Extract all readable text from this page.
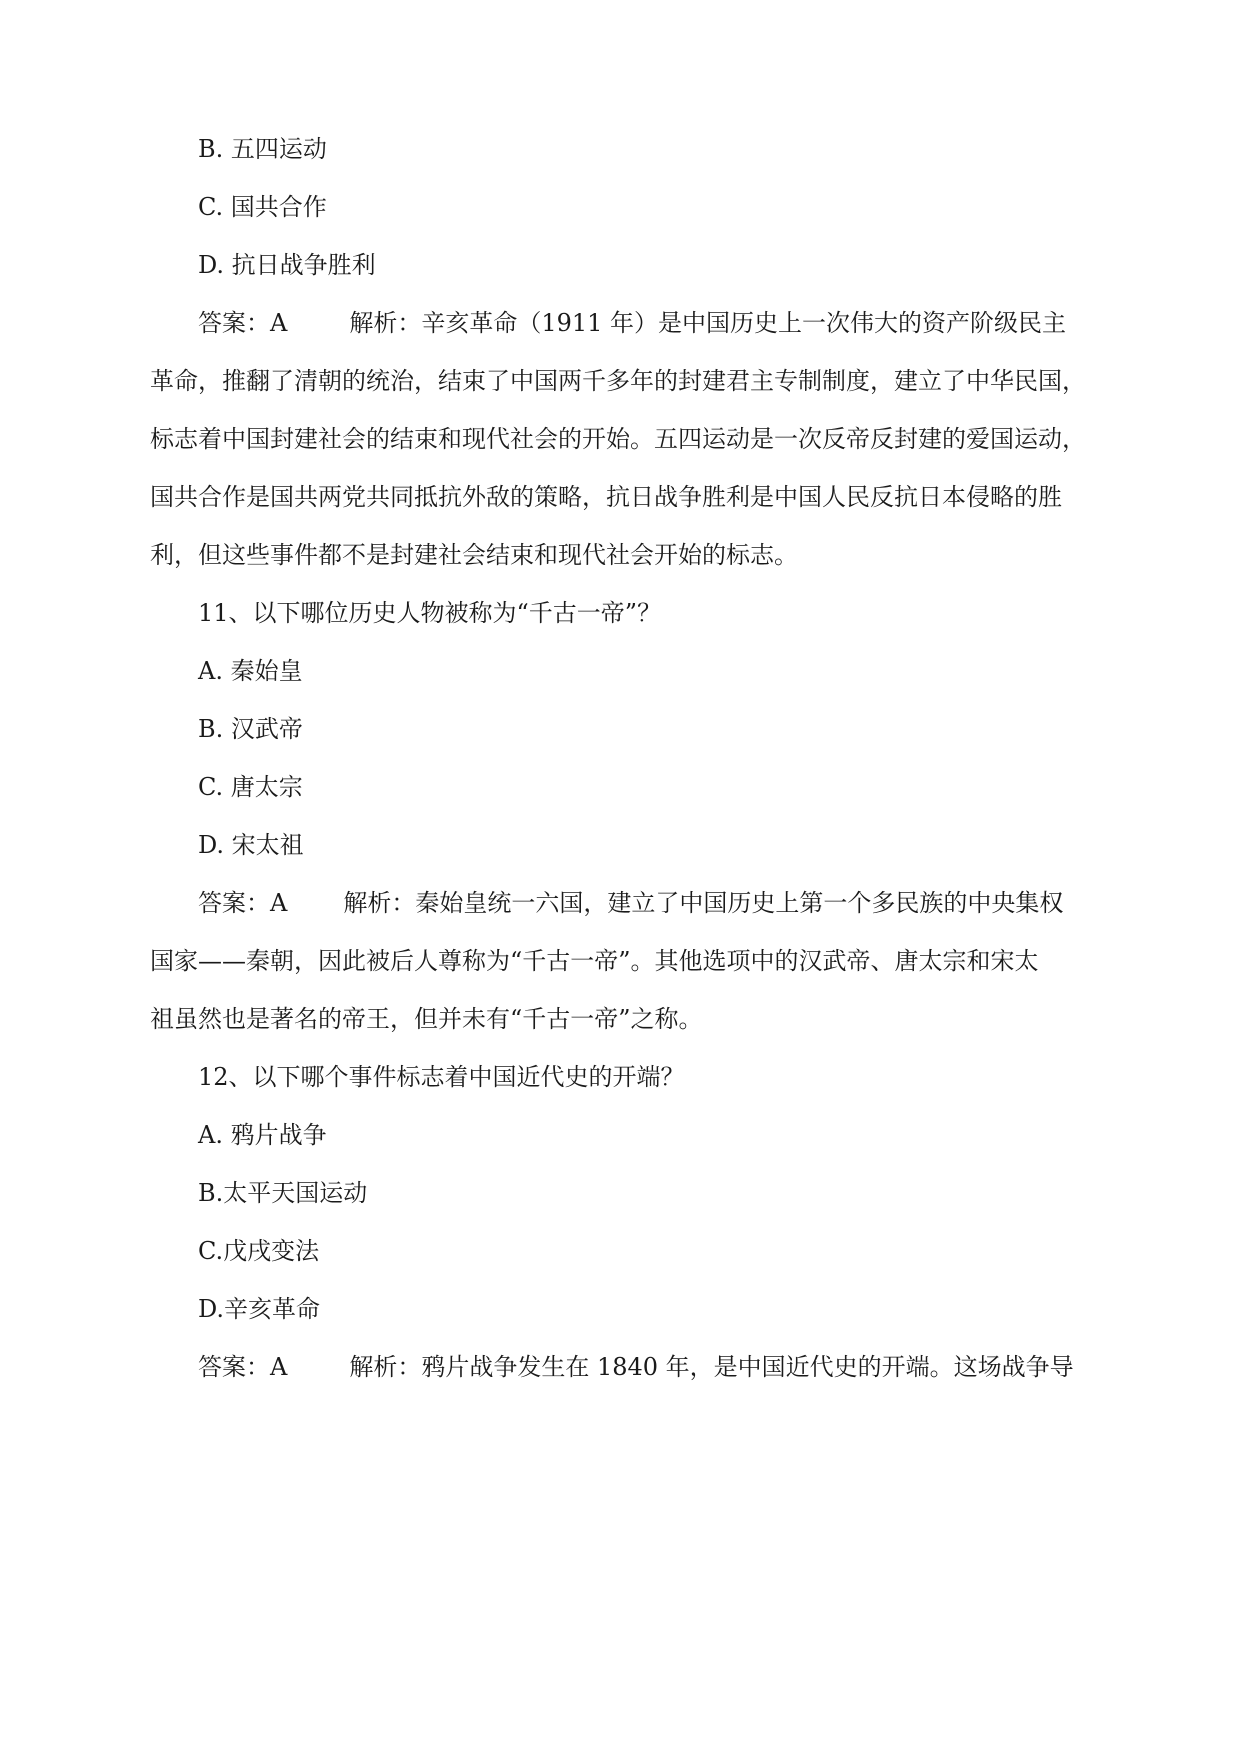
B. 五四运动
C. 国共合作
D. 抗日战争胜利
答案：A	解析：辛亥革命（1911 年）是中国历史上一次伟大的资产阶级民主
革命，推翻了清朝的统治，结束了中国两千多年的封建君主专制制度，建立了中华民国，
标志着中国封建社会的结束和现代社会的开始。五四运动是一次反帝反封建的爱国运动，
国共合作是国共两党共同抵抗外敌的策略，抗日战争胜利是中国人民反抗日本侵略的胜
利，但这些事件都不是封建社会结束和现代社会开始的标志。
11、以下哪位历史人物被称为“千古一帝”？
A. 秦始皇
B. 汉武帝
C. 唐太宗
D. 宋太祖
答案：A 解析：秦始皇统一六国，建立了中国历史上第一个多民族的中央集权
国家——秦朝，因此被后人尊称为“千古一帝”。其他选项中的汉武帝、唐太宗和宋太
祖虽然也是著名的帝王，但并未有“千古一帝”之称。
12、以下哪个事件标志着中国近代史的开端？
A. 鸦片战争
B.太平天国运动
C.戊戌变法
D.辛亥革命
答案：A	解析：鸦片战争发生在 1840 年，是中国近代史的开端。这场战争导
